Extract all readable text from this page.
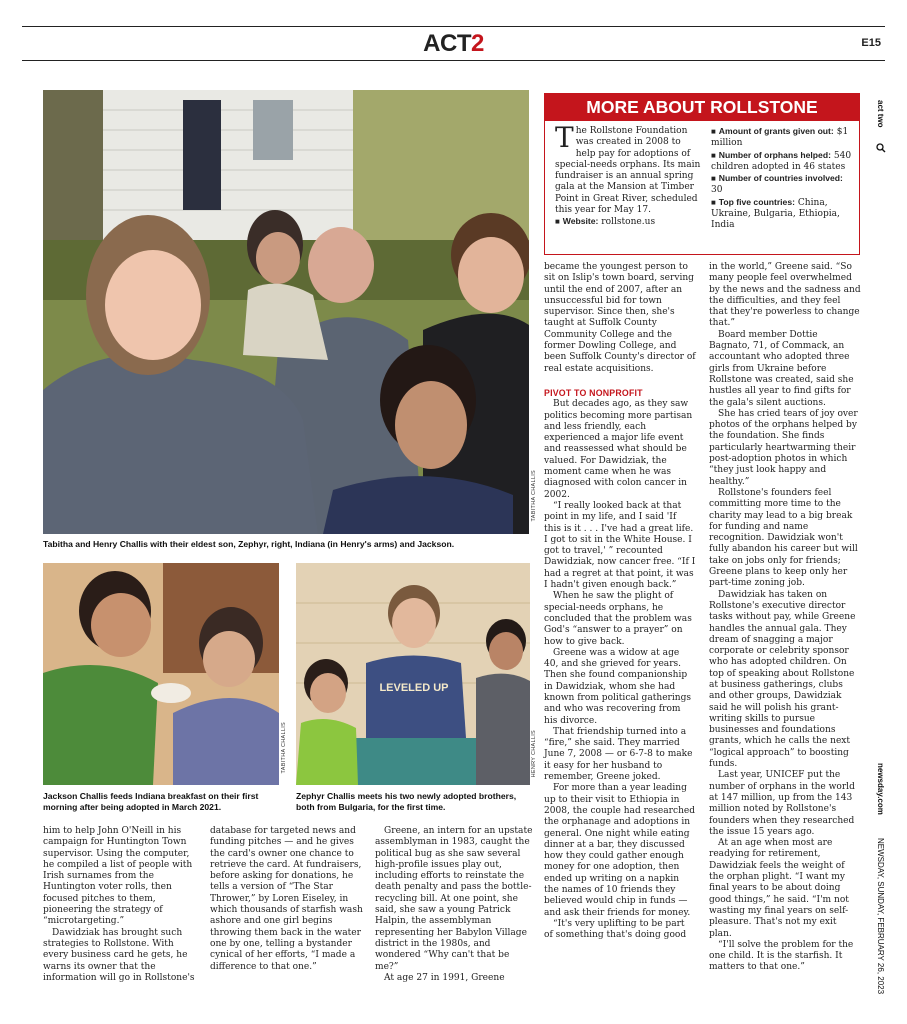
ACT2	E15
act two
newsday.com
NEWSDAY, SUNDAY, FEBRUARY 26, 2023
TABITHA CHALLIS
Tabitha and Henry Challis with their eldest son, Zephyr, right, Indiana (in Henry's arms) and Jackson.
TABITHA CHALLIS
Jackson Challis feeds Indiana breakfast on their first morning after being adopted in March 2021.
LEVELED UP
HENRY CHALLIS
Zephyr Challis meets his two newly adopted brothers, both from Bulgaria, for the first time.
MORE ABOUT ROLLSTONE
The Rollstone Foundation was created in 2008 to help pay for adoptions of special-needs orphans. Its main fundraiser is an annual spring gala at the Mansion at Timber Point in Great River, scheduled this year for May 17.
■ Website: rollstone.us
■ Amount of grants given out: $1 million
■ Number of orphans helped: 540 children adopted in 46 states
■ Number of countries involved: 30
■ Top five countries: China, Ukraine, Bulgaria, Ethiopia, India

him to help John O'Neill in his campaign for Huntington Town supervisor. Using the computer, he compiled a list of people with Irish surnames from the Huntington voter rolls, then focused pitches to them, pioneering the strategy of “microtargeting.”
 Dawidziak has brought such strategies to Rollstone. With every business card he gets, he warns its owner that the information will go in Rollstone's

database for targeted news and funding pitches — and he gives the card's owner one chance to retrieve the card. At fundraisers, before asking for donations, he tells a version of “The Star Thrower,” by Loren Eiseley, in which thousands of starfish wash ashore and one girl begins throwing them back in the water one by one, telling a bystander cynical of her efforts, “I made a difference to that one.”

 Greene, an intern for an upstate assemblyman in 1983, caught the political bug as she saw several high-profile issues play out, including efforts to reinstate the death penalty and pass the bottle-recycling bill. At one point, she said, she saw a young Patrick Halpin, the assemblyman representing her Babylon Village district in the 1980s, and wondered “Why can't that be me?”
 At age 27 in 1991, Greene

became the youngest person to sit on Islip's town board, serving until the end of 2007, after an unsuccessful bid for town supervisor. Since then, she's taught at Suffolk County Community College and the former Dowling College, and been Suffolk County's director of real estate acquisitions.

PIVOT TO NONPROFIT

 But decades ago, as they saw politics becoming more partisan and less friendly, each experienced a major life event and reassessed what should be valued. For Dawidziak, the moment came when he was diagnosed with colon cancer in 2002.
 “I really looked back at that point in my life, and I said 'If this is it . . . I've had a great life. I got to sit in the White House. I got to travel,' ” recounted Dawidziak, now cancer free. “If I had a regret at that point, it was I hadn't given enough back.”
 When he saw the plight of special-needs orphans, he concluded that the problem was God's “answer to a prayer” on how to give back.
 Greene was a widow at age 40, and she grieved for years. Then she found companionship in Dawidziak, whom she had known from political gatherings and who was recovering from his divorce.
 That friendship turned into a “fire,” she said. They married June 7, 2008 — or 6-7-8 to make it easy for her husband to remember, Greene joked.
 For more than a year leading up to their visit to Ethiopia in 2008, the couple had researched the orphanage and adoptions in general. One night while eating dinner at a bar, they discussed how they could gather enough money for one adoption, then ended up writing on a napkin the names of 10 friends they believed would chip in funds — and ask their friends for money.
 “It's very uplifting to be part of something that's doing good

in the world,” Greene said. “So many people feel overwhelmed by the news and the sadness and the difficulties, and they feel that they're powerless to change that.”
 Board member Dottie Bagnato, 71, of Commack, an accountant who adopted three girls from Ukraine before Rollstone was created, said she hustles all year to find gifts for the gala's silent auctions.
 She has cried tears of joy over photos of the orphans helped by the foundation. She finds particularly heartwarming their post-adoption photos in which “they just look happy and healthy.”
 Rollstone's founders feel committing more time to the charity may lead to a big break for funding and name recognition. Dawidziak won't fully abandon his career but will take on jobs only for friends; Greene plans to keep only her part-time zoning job.
 Dawidziak has taken on Rollstone's executive director tasks without pay, while Greene handles the annual gala. They dream of snagging a major corporate or celebrity sponsor who has adopted children. On top of speaking about Rollstone at business gatherings, clubs and other groups, Dawidziak said he will polish his grant-writing skills to pursue businesses and foundations grants, which he calls the next “logical approach” to boosting funds.
 Last year, UNICEF put the number of orphans in the world at 147 million, up from the 143 million noted by Rollstone's founders when they researched the issue 15 years ago.
 At an age when most are readying for retirement, Dawidziak feels the weight of the orphan plight. “I want my final years to be about doing good things,” he said. “I'm not wasting my final years on self-pleasure. That's not my exit plan.
 “I'll solve the problem for the one child. It is the starfish. It matters to that one.”
